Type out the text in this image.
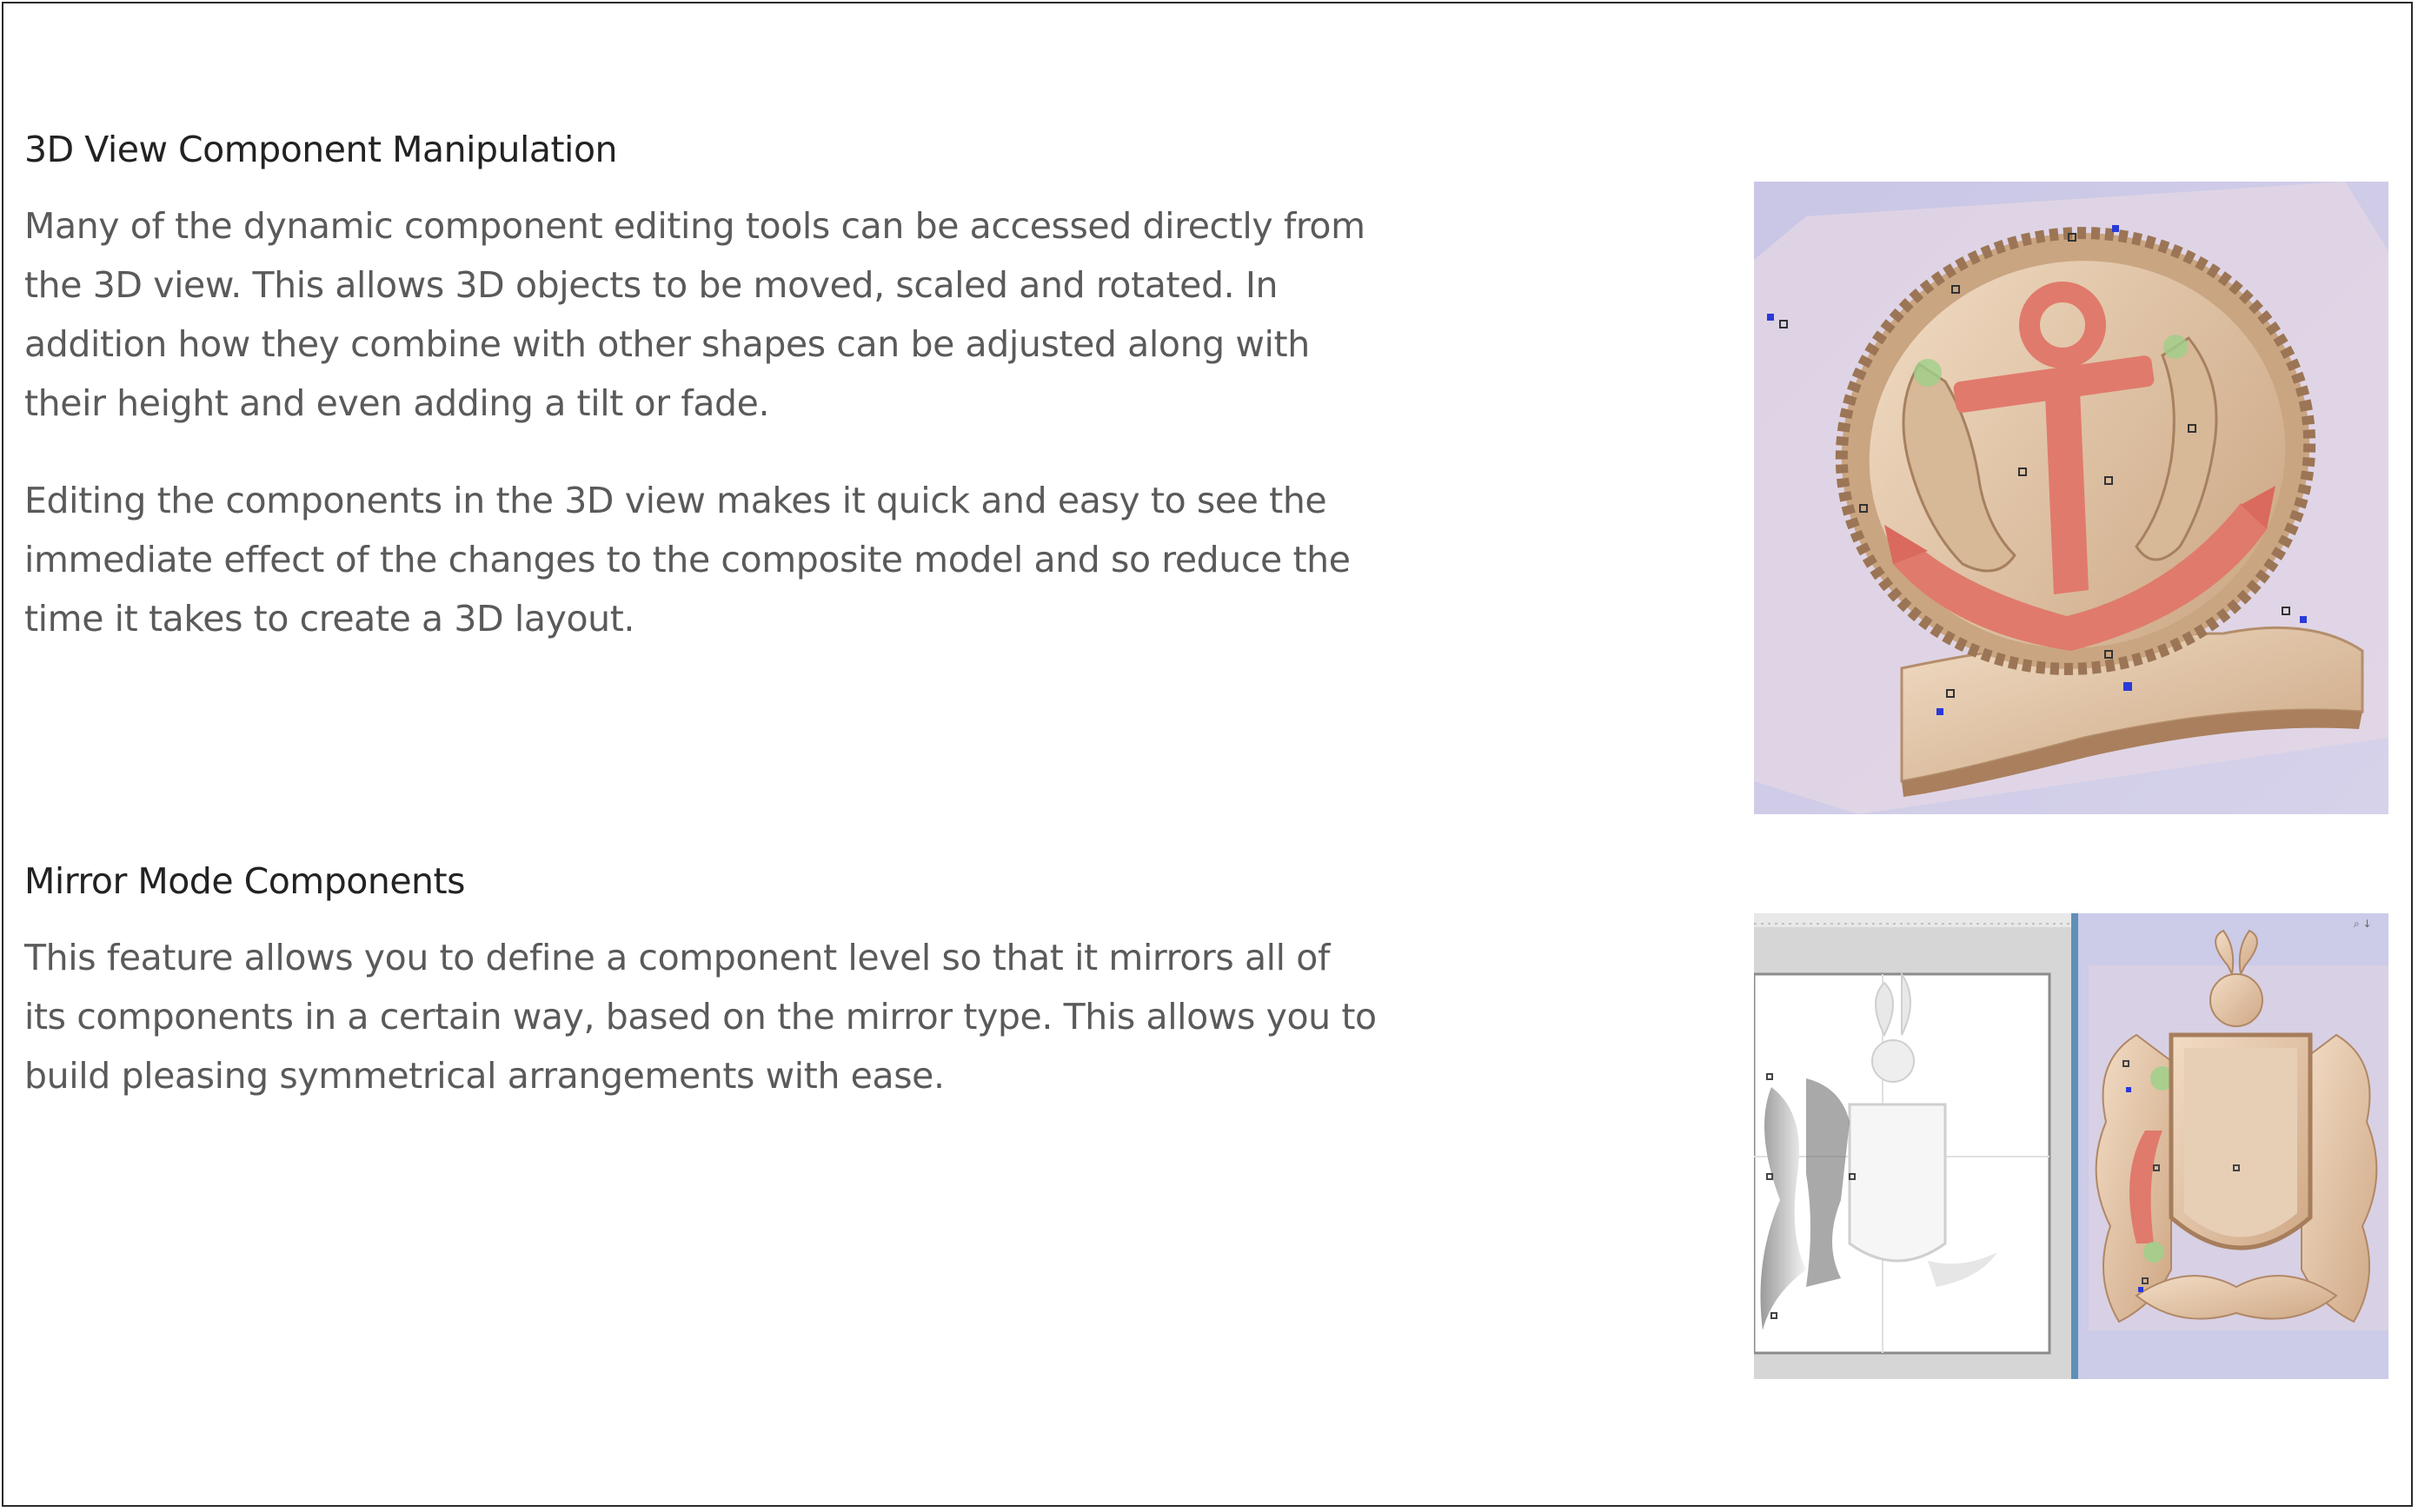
3D View Component Manipulation

Many of the dynamic component editing tools can be accessed directly from the 3D view. This allows 3D objects to be moved, scaled and rotated. In addition how they combine with other shapes can be adjusted along with their height and even adding a tilt or fade.

Editing the components in the 3D view makes it quick and easy to see the immediate effect of the changes to the composite model and so reduce the time it takes to create a 3D layout.

Mirror Mode Components

This feature allows you to define a component level so that it mirrors all of its components in a certain way, based on the mirror type. This allows you to build pleasing symmetrical arrangements with ease.

⌕ ↓
